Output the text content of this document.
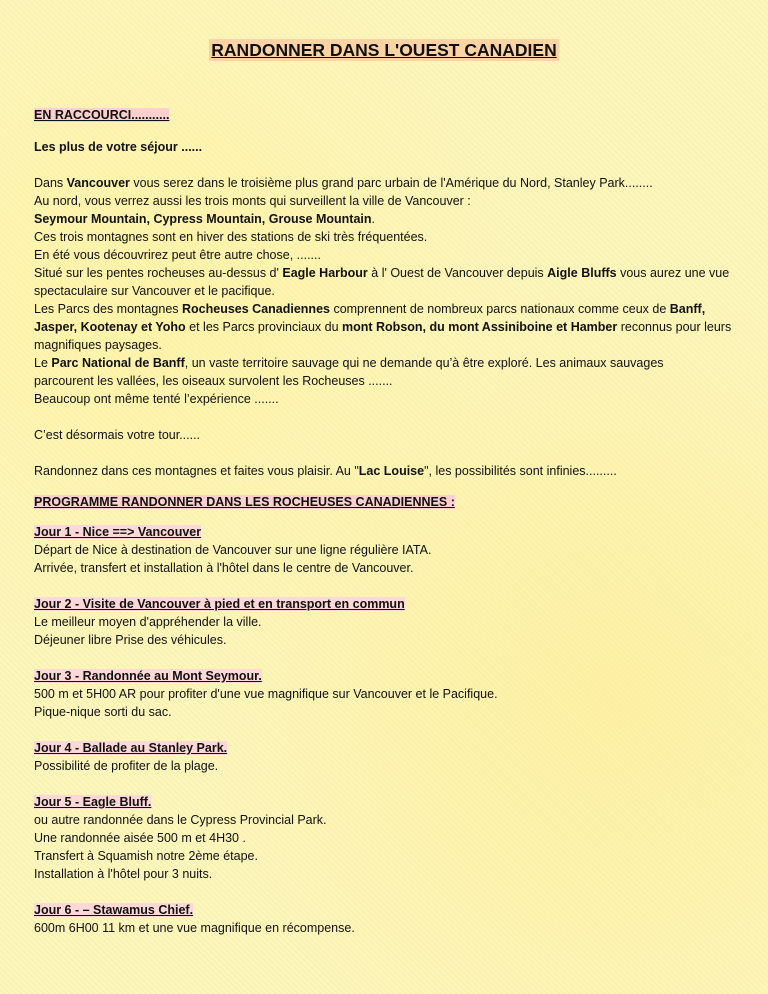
RANDONNER DANS L'OUEST CANADIEN
EN RACCOURCI...........
Les plus de votre séjour ......
Dans Vancouver vous serez dans le troisième plus grand parc urbain de l'Amérique du Nord, Stanley Park........
Au nord, vous verrez aussi les trois monts qui surveillent la ville de Vancouver :
Seymour Mountain, Cypress Mountain, Grouse Mountain.
Ces trois montagnes sont en hiver des stations de ski très fréquentées.
En été vous découvrirez peut être autre chose, .......
Situé sur les pentes rocheuses au-dessus d' Eagle Harbour à l' Ouest de Vancouver depuis Aigle Bluffs vous aurez une vue
spectaculaire sur Vancouver et le pacifique.
Les Parcs des montagnes Rocheuses Canadiennes comprennent de nombreux parcs nationaux comme ceux de Banff,
Jasper, Kootenay et Yoho et les Parcs provinciaux du mont Robson, du mont Assiniboine et Hamber reconnus pour leurs
magnifiques paysages.
Le Parc National de Banff, un vaste territoire sauvage qui ne demande qu’à être exploré. Les animaux sauvages
parcourent les vallées, les oiseaux survolent les Rocheuses .......
Beaucoup ont même tenté l’expérience .......
C’est désormais votre tour......
Randonnez dans ces montagnes et faites vous plaisir. Au "Lac Louise", les possibilités sont infinies.........
PROGRAMME RANDONNER DANS LES ROCHEUSES CANADIENNES :
Jour 1 - Nice ==> Vancouver
Départ de Nice à destination de Vancouver sur une ligne régulière IATA.
Arrivée, transfert et installation à l'hôtel dans le centre de Vancouver.
Jour 2 - Visite de Vancouver à pied et en transport en commun
Le meilleur moyen d'appréhender la ville.
Déjeuner libre Prise des véhicules.
Jour 3 - Randonnée au Mont Seymour.
500 m et 5H00 AR pour profiter d'une vue magnifique sur Vancouver et le Pacifique.
Pique-nique sorti du sac.
Jour 4 - Ballade au Stanley Park.
Possibilité de profiter de la plage.
Jour 5 - Eagle Bluff.
ou autre randonnée dans le Cypress Provincial Park.
Une randonnée aisée 500 m et 4H30 .
Transfert à Squamish notre 2ème étape.
Installation à l'hôtel pour 3 nuits.
Jour 6 - – Stawamus Chief.
600m 6H00 11 km et une vue magnifique en récompense.
